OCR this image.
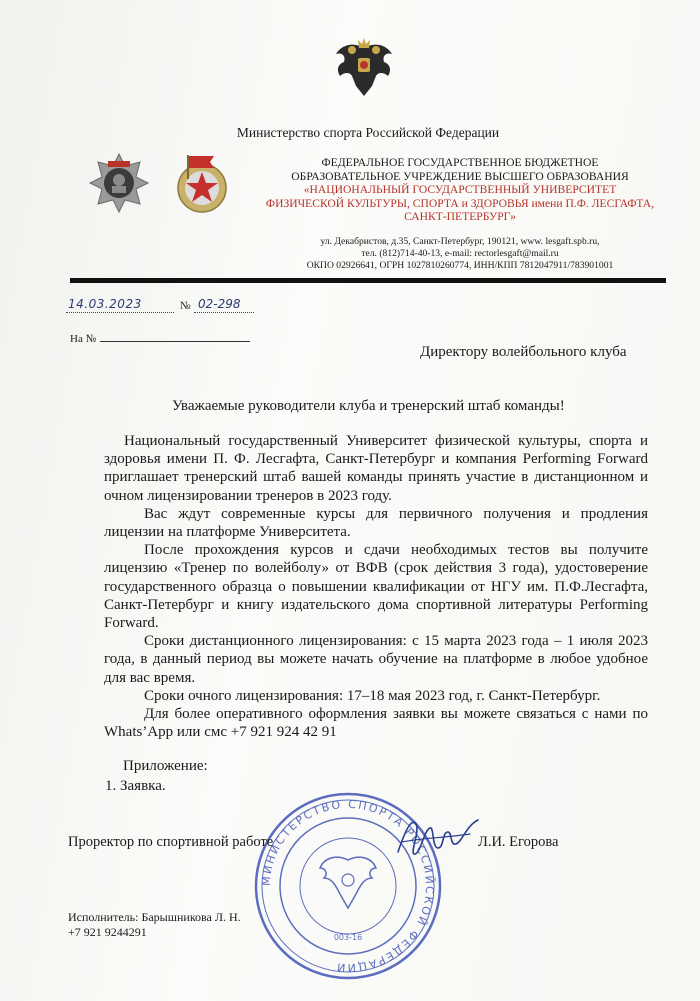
Министерство спорта Российской Федерации
ФЕДЕРАЛЬНОЕ ГОСУДАРСТВЕННОЕ БЮДЖЕТНОЕ
ОБРАЗОВАТЕЛЬНОЕ УЧРЕЖДЕНИЕ ВЫСШЕГО ОБРАЗОВАНИЯ
«НАЦИОНАЛЬНЫЙ ГОСУДАРСТВЕННЫЙ УНИВЕРСИТЕТ
ФИЗИЧЕСКОЙ КУЛЬТУРЫ, СПОРТА и ЗДОРОВЬЯ имени П.Ф. ЛЕСГАФТА,
САНКТ-ПЕТЕРБУРГ»
ул. Декабристов, д.35, Санкт-Петербург, 190121, www. lesgaft.spb.ru,
тел. (812)714-40-13, e-mail: rectorlesgaft@mail.ru
ОКПО 02926641, ОГРН 1027810260774, ИНН/КПП 7812047911/783901001
14.03.2023	№ 02-298
На №
Директору волейбольного клуба
Уважаемые руководители клуба и тренерский штаб команды!

Национальный государственный Университет физической культуры, спорта и здоровья имени П. Ф. Лесгафта, Санкт-Петербург и компания Performing Forward приглашает тренерский штаб вашей команды принять участие в дистанционном и очном лицензировании тренеров в 2023 году.

Вас ждут современные курсы для первичного получения и продления лицензии на платформе Университета.

После прохождения курсов и сдачи необходимых тестов вы получите лицензию «Тренер по волейболу» от ВФВ (срок действия 3 года), удостоверение государственного образца о повышении квалификации от НГУ им. П.Ф.Лесгафта, Санкт-Петербург и книгу издательского дома спортивной литературы Performing Forward.

Сроки дистанционного лицензирования: с 15 марта 2023 года – 1 июля 2023 года, в данный период вы можете начать обучение на платформе в любое удобное для вас время.

Сроки очного лицензирования: 17–18 мая 2023 год, г. Санкт-Петербург.

Для более оперативного оформления заявки вы можете связаться с нами по Whats’App или смс +7 921 924 42 91

Приложение:
1. Заявка.
МИНИСТЕРСТВО СПОРТА РОССИЙСКОЙ ФЕДЕРАЦИИ
003-16
Проректор по спортивной работе	Л.И. Егорова
Исполнитель: Барышникова Л. Н.
+7 921 9244291
